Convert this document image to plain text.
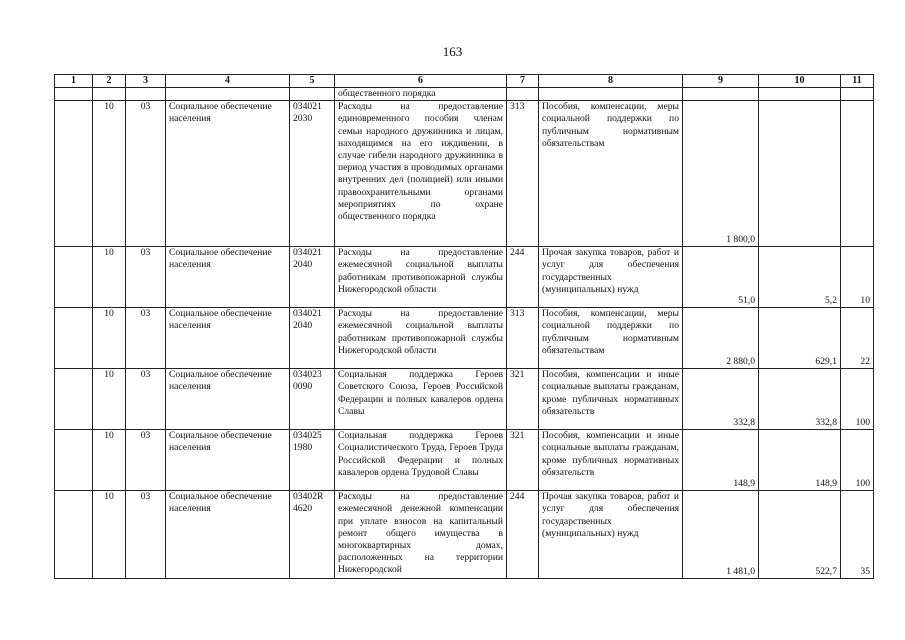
163
1	2	3	4	5	6	7	8	9	10	11
					общественного порядка					
	10	03	Социальное обеспечение населения	034021 2030	Расходы на предоставление единовременного пособия членам семьи народного дружинника и лицам, находящимся на его иждивении, в случае гибели народного дружинника в период участия в проводимых органами внутренних дел (полицией) или иными правоохранительными органами мероприятиях по охране общественного порядка	313	Пособия, компенсации, меры социальной поддержки по публичным нормативным обязательствам	1 800,0		
	10	03	Социальное обеспечение населения	034021 2040	Расходы на предоставление ежемесячной социальной выплаты работникам противопожарной службы Нижегородской области	244	Прочая закупка товаров, работ и услуг для обеспечения государственных (муниципальных) нужд	51,0	5,2	10
	10	03	Социальное обеспечение населения	034021 2040	Расходы на предоставление ежемесячной социальной выплаты работникам противопожарной службы Нижегородской области	313	Пособия, компенсации, меры социальной поддержки по публичным нормативным обязательствам	2 880,0	629,1	22
	10	03	Социальное обеспечение населения	034023 0090	Социальная поддержка Героев Советского Союза, Героев Российской Федерации и полных кавалеров ордена Славы	321	Пособия, компенсации и иные социальные выплаты гражданам, кроме публичных нормативных обязательств	332,8	332,8	100
	10	03	Социальное обеспечение населения	034025 1980	Социальная поддержка Героев Социалистического Труда, Героев Труда Российской Федерации и полных кавалеров ордена Трудовой Славы	321	Пособия, компенсации и иные социальные выплаты гражданам, кроме публичных нормативных обязательств	148,9	148,9	100
	10	03	Социальное обеспечение населения	03402R 4620	Расходы на предоставление ежемесячной денежной компенсации при уплате взносов на капитальный ремонт общего имущества в многоквартирных домах, расположенных на территории Нижегородской	244	Прочая закупка товаров, работ и услуг для обеспечения государственных (муниципальных) нужд	1 481,0	522,7	35
